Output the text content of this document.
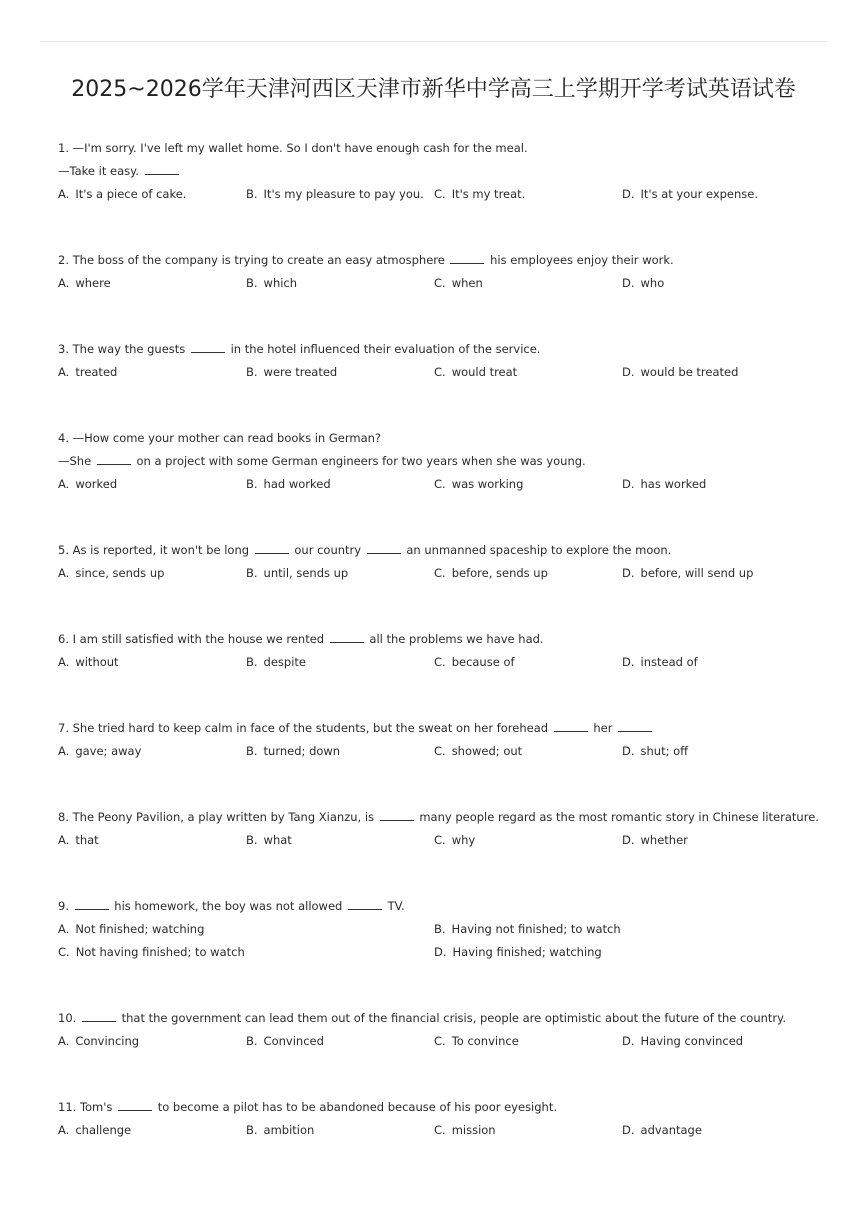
2025~2026学年天津河西区天津市新华中学高三上学期开学考试英语试卷
1. —I'm sorry. I've left my wallet home. So I don't have enough cash for the meal.
—Take it easy.
A. It's a piece of cake.	B. It's my pleasure to pay you. C. It's my treat.	D. It's at your expense.
2. The boss of the company is trying to create an easy atmosphere	his employees enjoy their work.
A. where	B. which	C. when	D. who
3. The way the guests	in the hotel influenced their evaluation of the service.
A. treated	B. were treated	C. would treat	D. would be treated
4. —How come your mother can read books in German?
—She	on a project with some German engineers for two years when she was young.
A. worked	B. had worked	C. was working	D. has worked
5. As is reported, it won't be long	our country	an unmanned spaceship to explore the moon.
A. since, sends up	B. until, sends up	C. before, sends up	D. before, will send up
6. I am still satisfied with the house we rented	all the problems we have had.
A. without	B. despite	C. because of	D. instead of
7. She tried hard to keep calm in face of the students, but the sweat on her forehead	her
A. gave; away	B. turned; down	C. showed; out	D. shut; off
8. The Peony Pavilion, a play written by Tang Xianzu, is	many people regard as the most romantic story in Chinese literature.
A. that	B. what	C. why	D. whether
9.	his homework, the boy was not allowed	TV.
A. Not finished; watching	B. Having not finished; to watch
C. Not having finished; to watch	D. Having finished; watching
10.	that the government can lead them out of the financial crisis, people are optimistic about the future of the country.
A. Convincing	B. Convinced	C. To convince	D. Having convinced
11. Tom's	to become a pilot has to be abandoned because of his poor eyesight.
A. challenge	B. ambition	C. mission	D. advantage
